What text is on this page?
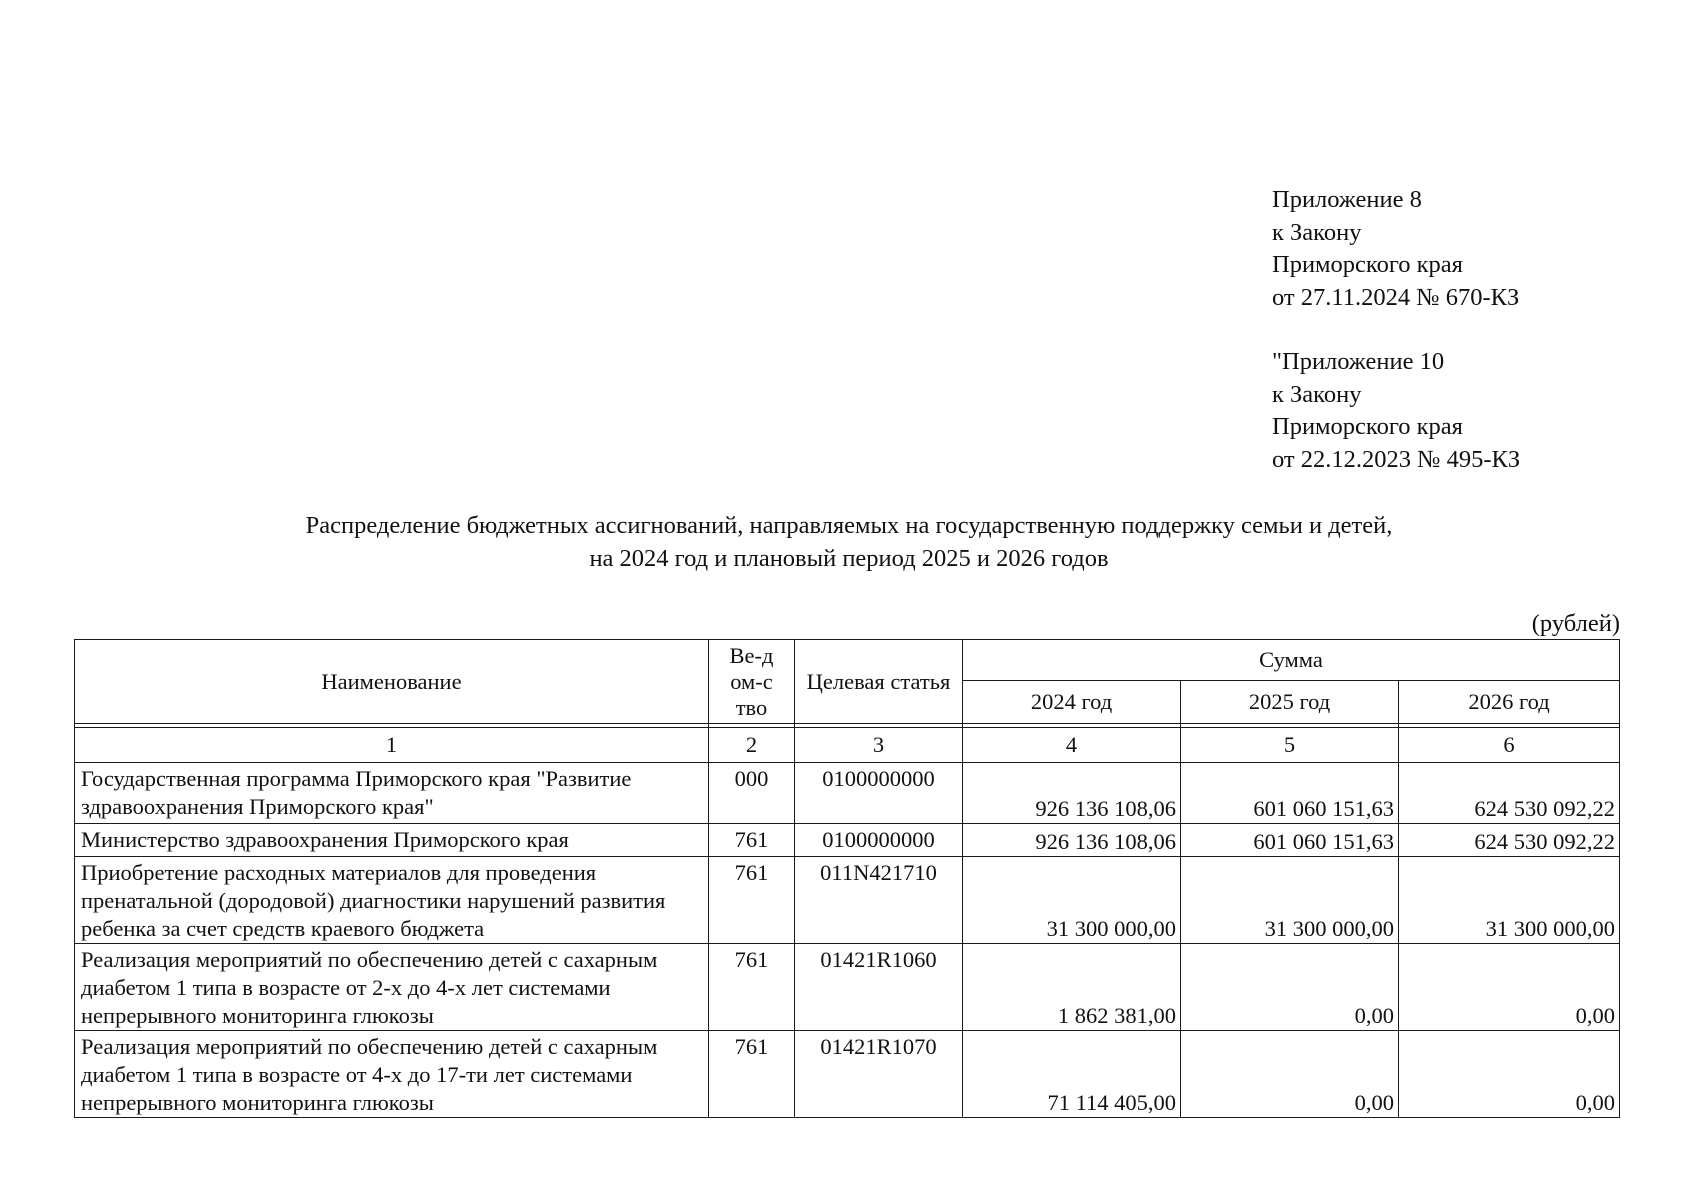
Приложение 8
к Закону
Приморского края
от 27.11.2024 № 670-КЗ
"Приложение 10
к Закону
Приморского края
от 22.12.2023 № 495-КЗ
Распределение бюджетных ассигнований, направляемых на государственную поддержку семьи и детей,
на 2024 год и плановый период 2025 и 2026 годов
(рублей)
Наименование	Ве-дом-ство	Целевая статья	Сумма		
			2024 год	2025 год	2026 год

1	2	3	4	5	6
Государственная программа Приморского края "Развитие здравоохранения Приморского края"	000	0100000000	926 136 108,06	601 060 151,63	624 530 092,22
Министерство здравоохранения Приморского края	761	0100000000	926 136 108,06	601 060 151,63	624 530 092,22
Приобретение расходных материалов для проведения пренатальной (дородовой) диагностики нарушений развития ребенка за счет средств краевого бюджета	761	011N421710	31 300 000,00	31 300 000,00	31 300 000,00
Реализация мероприятий по обеспечению детей с сахарным диабетом 1 типа в возрасте от 2-х до 4-х лет системами непрерывного мониторинга глюкозы	761	01421R1060	1 862 381,00	0,00	0,00
Реализация мероприятий по обеспечению детей с сахарным диабетом 1 типа в возрасте от 4-х до 17-ти лет системами непрерывного мониторинга глюкозы	761	01421R1070	71 114 405,00	0,00	0,00
